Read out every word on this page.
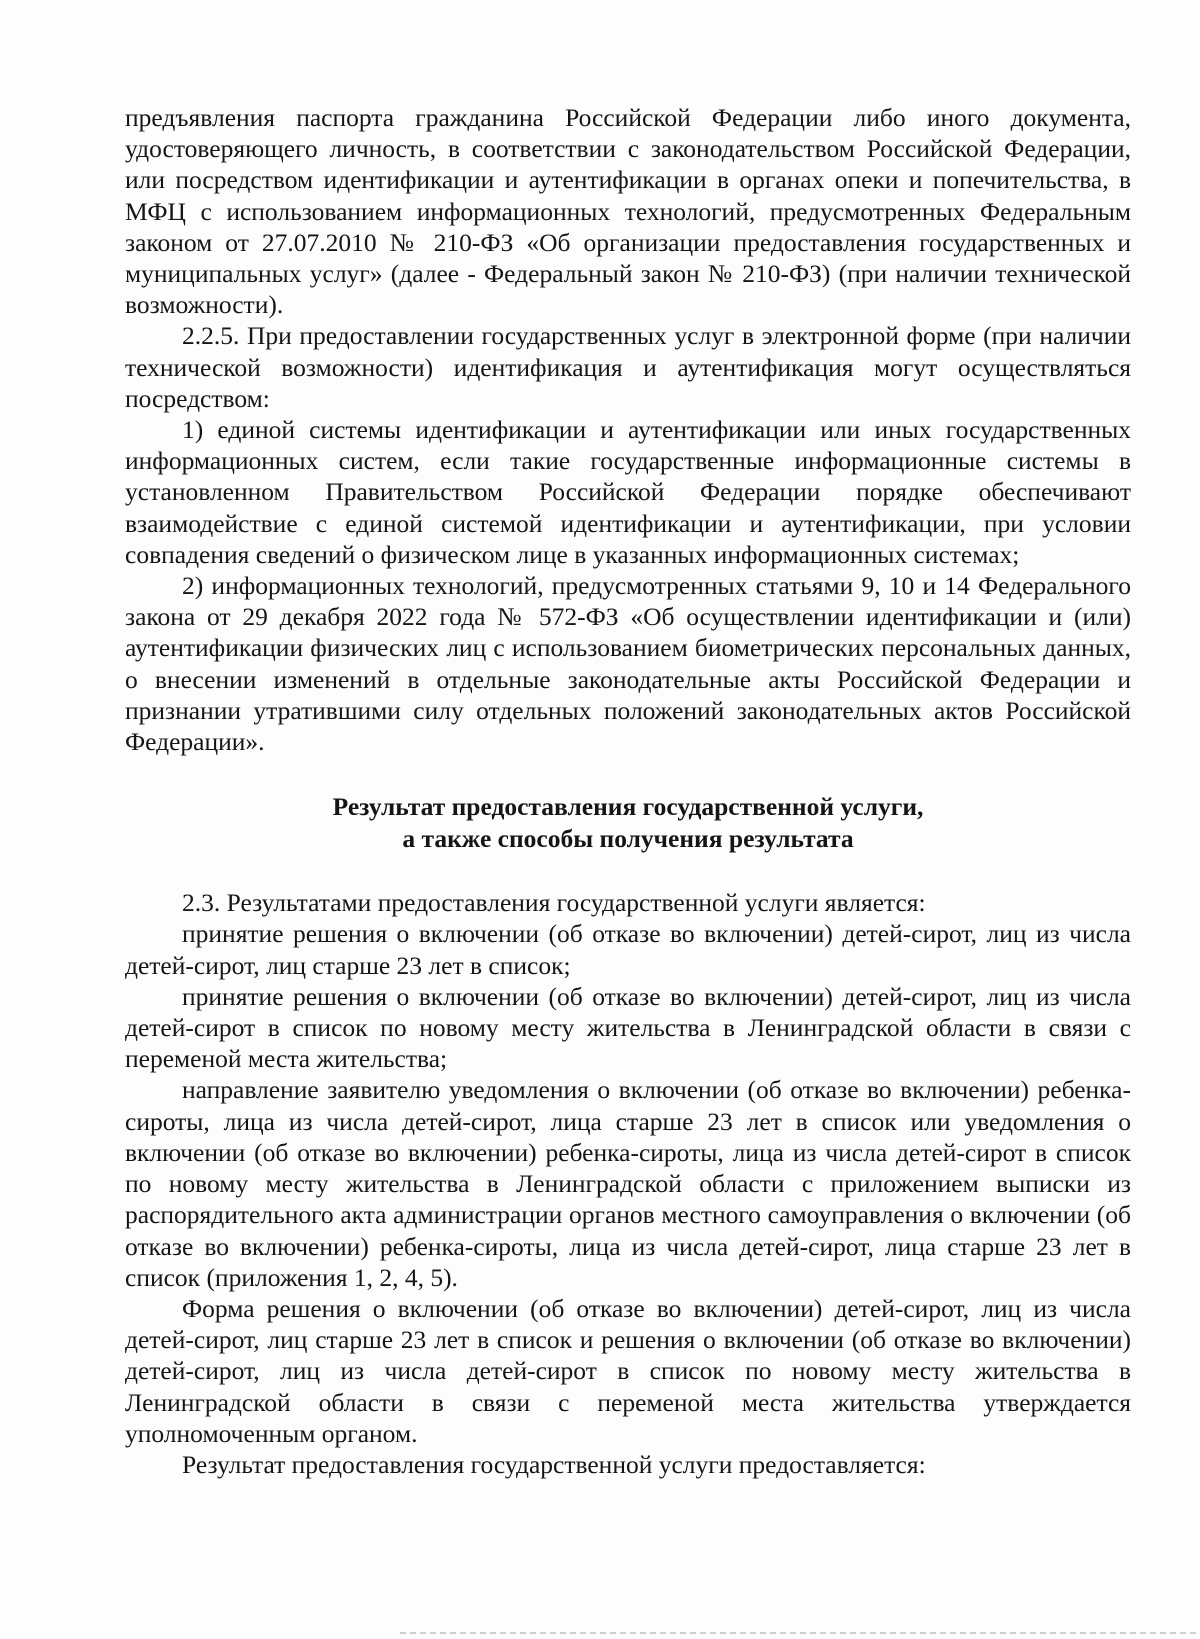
предъявления паспорта гражданина Российской Федерации либо иного документа, удостоверяющего личность, в соответствии с законодательством Российской Федерации, или посредством идентификации и аутентификации в органах опеки и попечительства, в МФЦ с использованием информационных технологий, предусмотренных Федеральным законом от 27.07.2010 № 210-ФЗ «Об организации предоставления государственных и муниципальных услуг» (далее - Федеральный закон № 210-ФЗ) (при наличии технической возможности).

2.2.5. При предоставлении государственных услуг в электронной форме (при наличии технической возможности) идентификация и аутентификация могут осуществляться посредством:

1) единой системы идентификации и аутентификации или иных государственных информационных систем, если такие государственные информационные системы в установленном Правительством Российской Федерации порядке обеспечивают взаимодействие с единой системой идентификации и аутентификации, при условии совпадения сведений о физическом лице в указанных информационных системах;

2) информационных технологий, предусмотренных статьями 9, 10 и 14 Федерального закона от 29 декабря 2022 года № 572-ФЗ «Об осуществлении идентификации и (или) аутентификации физических лиц с использованием биометрических персональных данных, о внесении изменений в отдельные законодательные акты Российской Федерации и признании утратившими силу отдельных положений законодательных актов Российской Федерации».

Результат предоставления государственной услуги,
а также способы получения результата

2.3. Результатами предоставления государственной услуги является:

принятие решения о включении (об отказе во включении) детей-сирот, лиц из числа детей-сирот, лиц старше 23 лет в список;

принятие решения о включении (об отказе во включении) детей-сирот, лиц из числа детей-сирот в список по новому месту жительства в Ленинградской области в связи с переменой места жительства;

направление заявителю уведомления о включении (об отказе во включении) ребенка-сироты, лица из числа детей-сирот, лица старше 23 лет в список или уведомления о включении (об отказе во включении) ребенка-сироты, лица из числа детей-сирот в список по новому месту жительства в Ленинградской области с приложением выписки из распорядительного акта администрации органов местного самоуправления о включении (об отказе во включении) ребенка-сироты, лица из числа детей-сирот, лица старше 23 лет в список (приложения 1, 2, 4, 5).

Форма решения о включении (об отказе во включении) детей-сирот, лиц из числа детей-сирот, лиц старше 23 лет в список и решения о включении (об отказе во включении) детей-сирот, лиц из числа детей-сирот в список по новому месту жительства в Ленинградской области в связи с переменой места жительства утверждается уполномоченным органом.

Результат предоставления государственной услуги предоставляется:
